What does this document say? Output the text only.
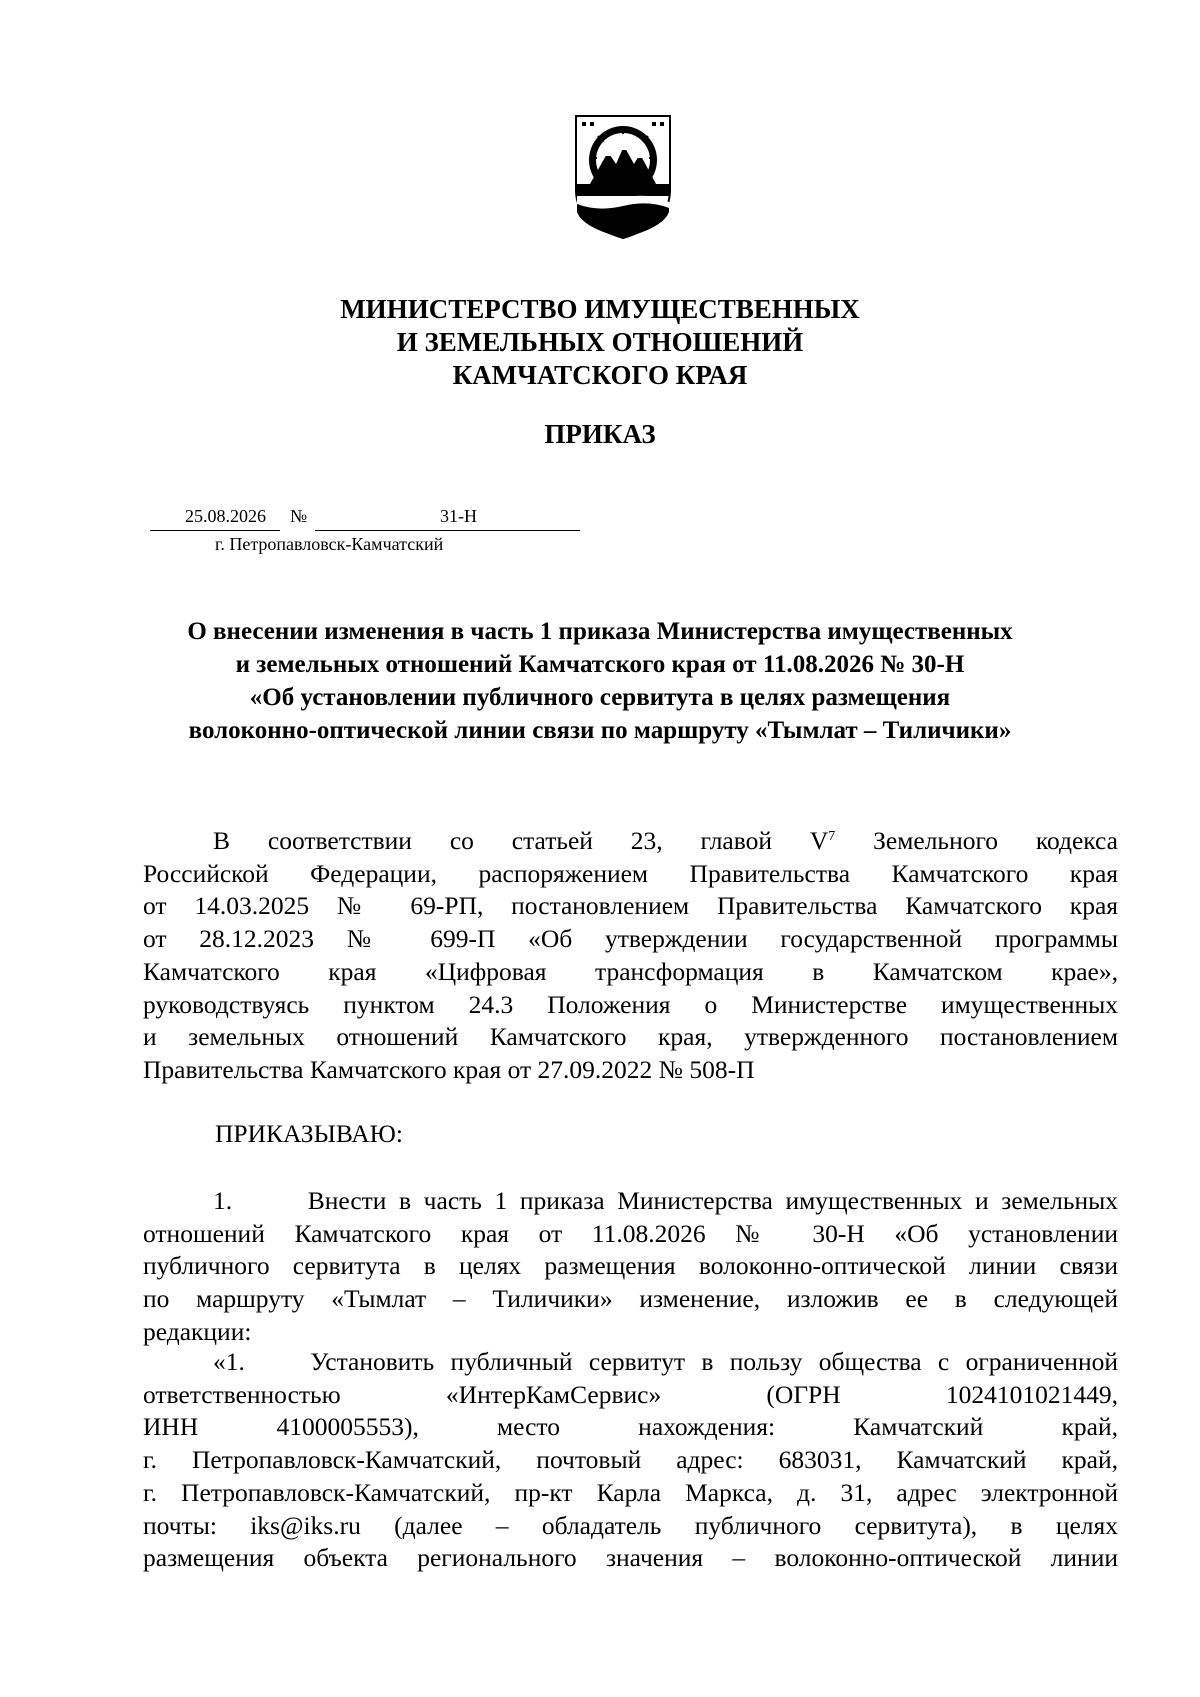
МИНИСТЕРСТВО ИМУЩЕСТВЕННЫХ
И ЗЕМЕЛЬНЫХ ОТНОШЕНИЙ
КАМЧАТСКОГО КРАЯ
ПРИКАЗ
25.08.2026 №	31-Н
г. Петропавловск-Камчатский
О внесении изменения в часть 1 приказа Министерства имущественных
и земельных отношений Камчатского края от 11.08.2026 № 30-Н
«Об установлении публичного сервитута в целях размещения
волоконно-оптической линии связи по маршруту «Тымлат – Тиличики»
В соответствии со статьей 23, главой $V^7$ Земельного кодекса
Российской Федерации, распоряжением Правительства Камчатского края
от 14.03.2025 № 69-РП, постановлением Правительства Камчатского края
от 28.12.2023 № 699-П «Об утверждении государственной программы
Камчатского края «Цифровая трансформация в Камчатском крае»,
руководствуясь пунктом 24.3 Положения о Министерстве имущественных
и земельных отношений Камчатского края, утвержденного постановлением
Правительства Камчатского края от 27.09.2022 № 508-П
ПРИКАЗЫВАЮ:
1.      Внести в часть 1 приказа Министерства имущественных и земельных
отношений Камчатского края от 11.08.2026 № 30-Н «Об установлении
публичного сервитута в целях размещения волоконно-оптической линии связи
по маршруту «Тымлат – Тиличики» изменение, изложив ее в следующей
редакции:
«1.    Установить публичный сервитут в пользу общества с ограниченной
ответственностью «ИнтерКамСервис» (ОГРН 1024101021449,
ИНН 4100005553), место нахождения: Камчатский край,
г. Петропавловск-Камчатский, почтовый адрес: 683031, Камчатский край,
г. Петропавловск-Камчатский, пр-кт Карла Маркса, д. 31, адрес электронной
почты: iks@iks.ru (далее – обладатель публичного сервитута), в целях
размещения объекта регионального значения – волоконно-оптической линии
